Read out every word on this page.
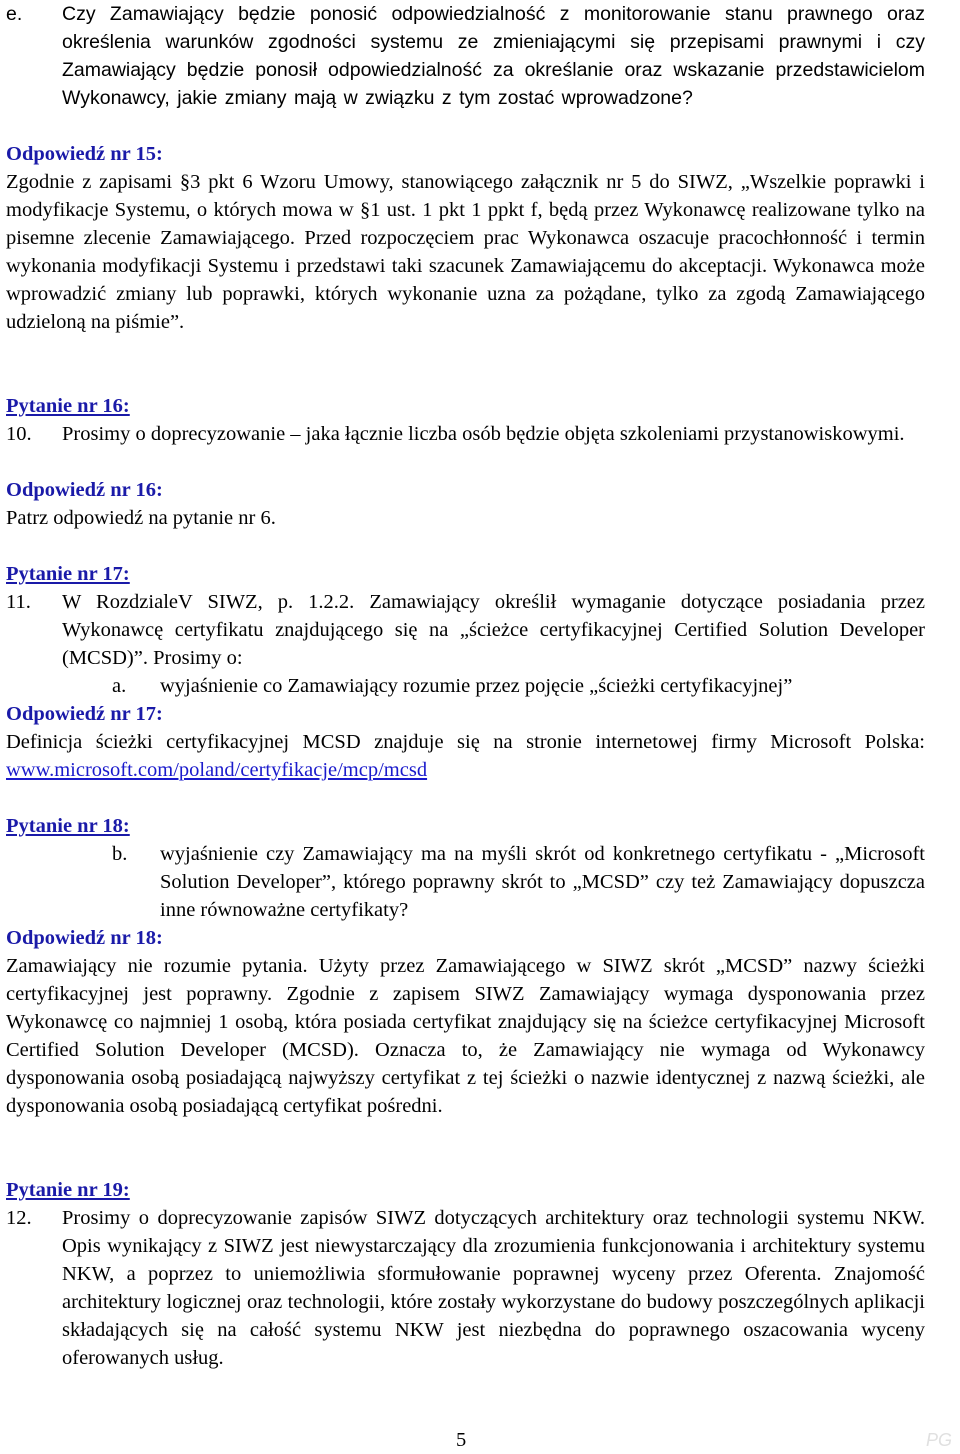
e. Czy Zamawiający będzie ponosić odpowiedzialność z monitorowanie stanu prawnego oraz określenia warunków zgodności systemu ze zmieniającymi się przepisami prawnymi i czy Zamawiający będzie ponosił odpowiedzialność za określanie oraz wskazanie przedstawicielom Wykonawcy, jakie zmiany mają w związku z tym zostać wprowadzone?
Odpowiedź nr 15:
Zgodnie z zapisami §3 pkt 6 Wzoru Umowy, stanowiącego załącznik nr 5 do SIWZ, „Wszelkie poprawki i modyfikacje Systemu, o których mowa w §1 ust. 1 pkt 1 ppkt f, będą przez Wykonawcę realizowane tylko na pisemne zlecenie Zamawiającego. Przed rozpoczęciem prac Wykonawca oszacuje pracochłonność i termin wykonania modyfikacji Systemu i przedstawi taki szacunek Zamawiającemu do akceptacji. Wykonawca może wprowadzić zmiany lub poprawki, których wykonanie uzna za pożądane, tylko za zgodą Zamawiającego udzieloną na piśmie”.
Pytanie nr 16:
10. Prosimy o doprecyzowanie – jaka łącznie liczba osób będzie objęta szkoleniami przystanowiskowymi.
Odpowiedź nr 16:
Patrz odpowiedź na pytanie nr 6.
Pytanie nr 17:
11. W RozdzialeV SIWZ, p. 1.2.2. Zamawiający określił wymaganie dotyczące posiadania przez Wykonawcę certyfikatu znajdującego się na „ścieżce certyfikacyjnej Certified Solution Developer (MCSD)”. Prosimy o:
a. wyjaśnienie co Zamawiający rozumie przez pojęcie „ścieżki certyfikacyjnej”
Odpowiedź nr 17:
Definicja ścieżki certyfikacyjnej MCSD znajduje się na stronie internetowej firmy Microsoft Polska: www.microsoft.com/poland/certyfikacje/mcp/mcsd
Pytanie nr 18:
b. wyjaśnienie czy Zamawiający ma na myśli skrót od konkretnego certyfikatu - „Microsoft Solution Developer”, którego poprawny skrót to „MCSD” czy też Zamawiający dopuszcza inne równoważne certyfikaty?
Odpowiedź nr 18:
Zamawiający nie rozumie pytania. Użyty przez Zamawiającego w SIWZ skrót „MCSD” nazwy ścieżki certyfikacyjnej jest poprawny. Zgodnie z zapisem SIWZ Zamawiający wymaga dysponowania przez Wykonawcę co najmniej 1 osobą, która posiada certyfikat znajdujący się na ścieżce certyfikacyjnej Microsoft Certified Solution Developer (MCSD). Oznacza to, że Zamawiający nie wymaga od Wykonawcy dysponowania osobą posiadającą najwyższy certyfikat z tej ścieżki o nazwie identycznej z nazwą ścieżki, ale dysponowania osobą posiadającą certyfikat pośredni.
Pytanie nr 19:
12. Prosimy o doprecyzowanie zapisów SIWZ dotyczących architektury oraz technologii systemu NKW. Opis wynikający z SIWZ jest niewystarczający dla zrozumienia funkcjonowania i architektury systemu NKW, a poprzez to uniemożliwia sformułowanie poprawnej wyceny przez Oferenta. Znajomość architektury logicznej oraz technologii, które zostały wykorzystane do budowy poszczególnych aplikacji składających się na całość systemu NKW jest niezbędna do poprawnego oszacowania wyceny oferowanych usług.
5	PG
